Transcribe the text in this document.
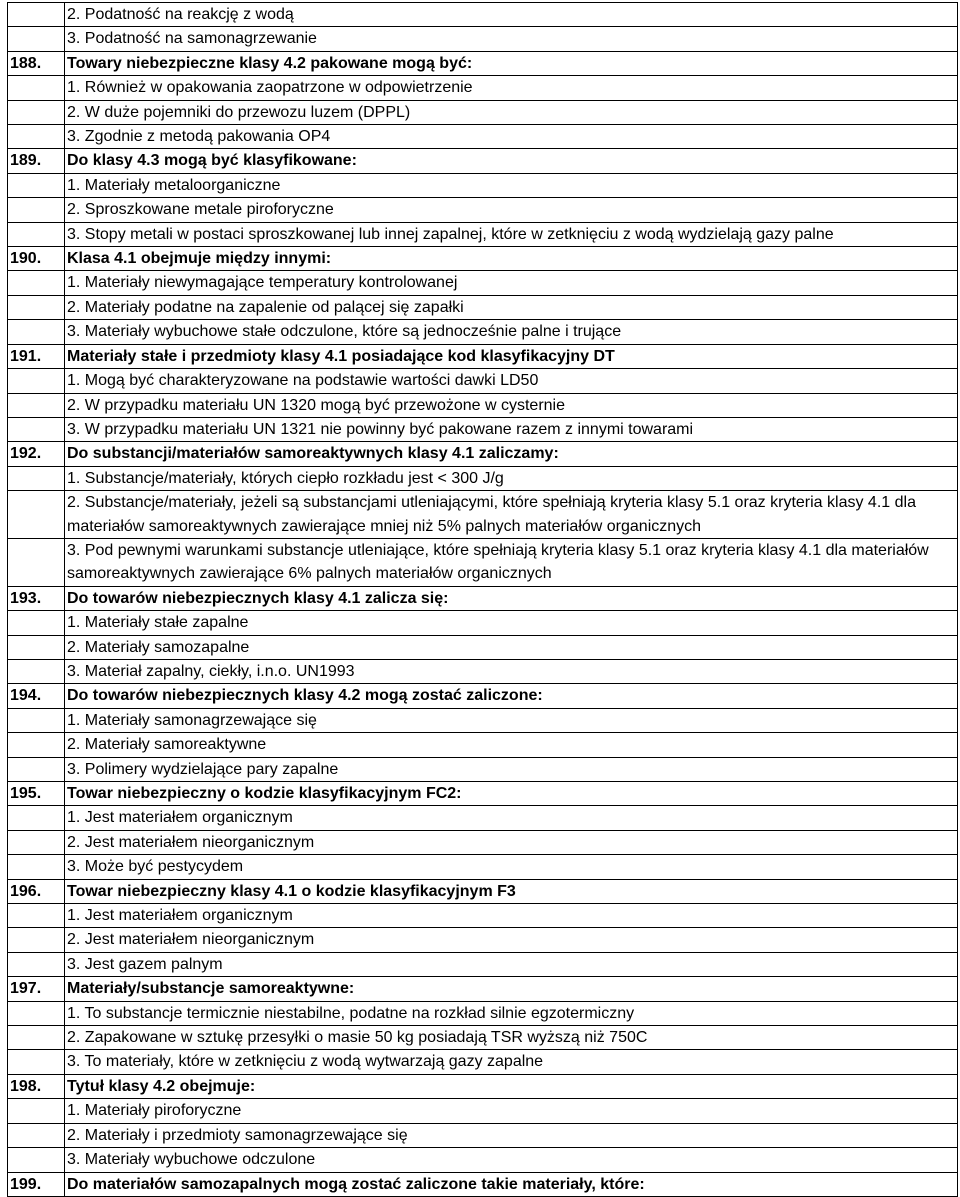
	2. Podatność na reakcję z wodą
	3. Podatność na samonagrzewanie
188.	Towary niebezpieczne klasy 4.2 pakowane mogą być:
	1. Również w opakowania zaopatrzone w odpowietrzenie
	2. W duże pojemniki do przewozu luzem (DPPL)
	3. Zgodnie z metodą pakowania OP4
189.	Do klasy 4.3 mogą być klasyfikowane:
	1. Materiały metaloorganiczne
	2. Sproszkowane metale piroforyczne
	3. Stopy metali w postaci sproszkowanej lub innej zapalnej, które w zetknięciu z wodą wydzielają gazy palne
190.	Klasa 4.1 obejmuje między innymi:
	1. Materiały niewymagające temperatury kontrolowanej
	2. Materiały podatne na zapalenie od palącej się zapałki
	3. Materiały wybuchowe stałe odczulone, które są jednocześnie palne i trujące
191.	Materiały stałe i przedmioty klasy 4.1 posiadające kod klasyfikacyjny DT
	1. Mogą być charakteryzowane na podstawie wartości dawki LD50
	2. W przypadku materiału UN 1320 mogą być przewożone w cysternie
	3. W przypadku materiału UN 1321 nie powinny być pakowane razem z innymi towarami
192.	Do substancji/materiałów samoreaktywnych klasy 4.1 zaliczamy:
	1. Substancje/materiały, których ciepło rozkładu jest < 300 J/g
	2. Substancje/materiały, jeżeli są substancjami utleniającymi, które spełniają kryteria klasy 5.1 oraz kryteria klasy 4.1 dla materiałów samoreaktywnych zawierające mniej niż 5% palnych materiałów organicznych
	3. Pod pewnymi warunkami substancje utleniające, które spełniają kryteria klasy 5.1 oraz kryteria klasy 4.1 dla materiałów samoreaktywnych zawierające 6% palnych materiałów organicznych
193.	Do towarów niebezpiecznych klasy 4.1 zalicza się:
	1. Materiały stałe zapalne
	2. Materiały samozapalne
	3. Materiał zapalny, ciekły, i.n.o. UN1993
194.	Do towarów niebezpiecznych klasy 4.2 mogą zostać zaliczone:
	1. Materiały samonagrzewające się
	2. Materiały samoreaktywne
	3. Polimery wydzielające pary zapalne
195.	Towar niebezpieczny o kodzie klasyfikacyjnym FC2:
	1. Jest materiałem organicznym
	2. Jest materiałem nieorganicznym
	3. Może być pestycydem
196.	Towar niebezpieczny klasy 4.1 o kodzie klasyfikacyjnym F3
	1. Jest materiałem organicznym
	2. Jest materiałem nieorganicznym
	3. Jest gazem palnym
197.	Materiały/substancje samoreaktywne:
	1. To substancje termicznie niestabilne, podatne na rozkład silnie egzotermiczny
	2. Zapakowane w sztukę przesyłki o masie 50 kg posiadają TSR wyższą niż 750C
	3. To materiały, które w zetknięciu z wodą wytwarzają gazy zapalne
198.	Tytuł klasy 4.2 obejmuje:
	1. Materiały piroforyczne
	2. Materiały i przedmioty samonagrzewające się
	3. Materiały wybuchowe odczulone
199.	Do materiałów samozapalnych mogą zostać zaliczone takie materiały, które:
